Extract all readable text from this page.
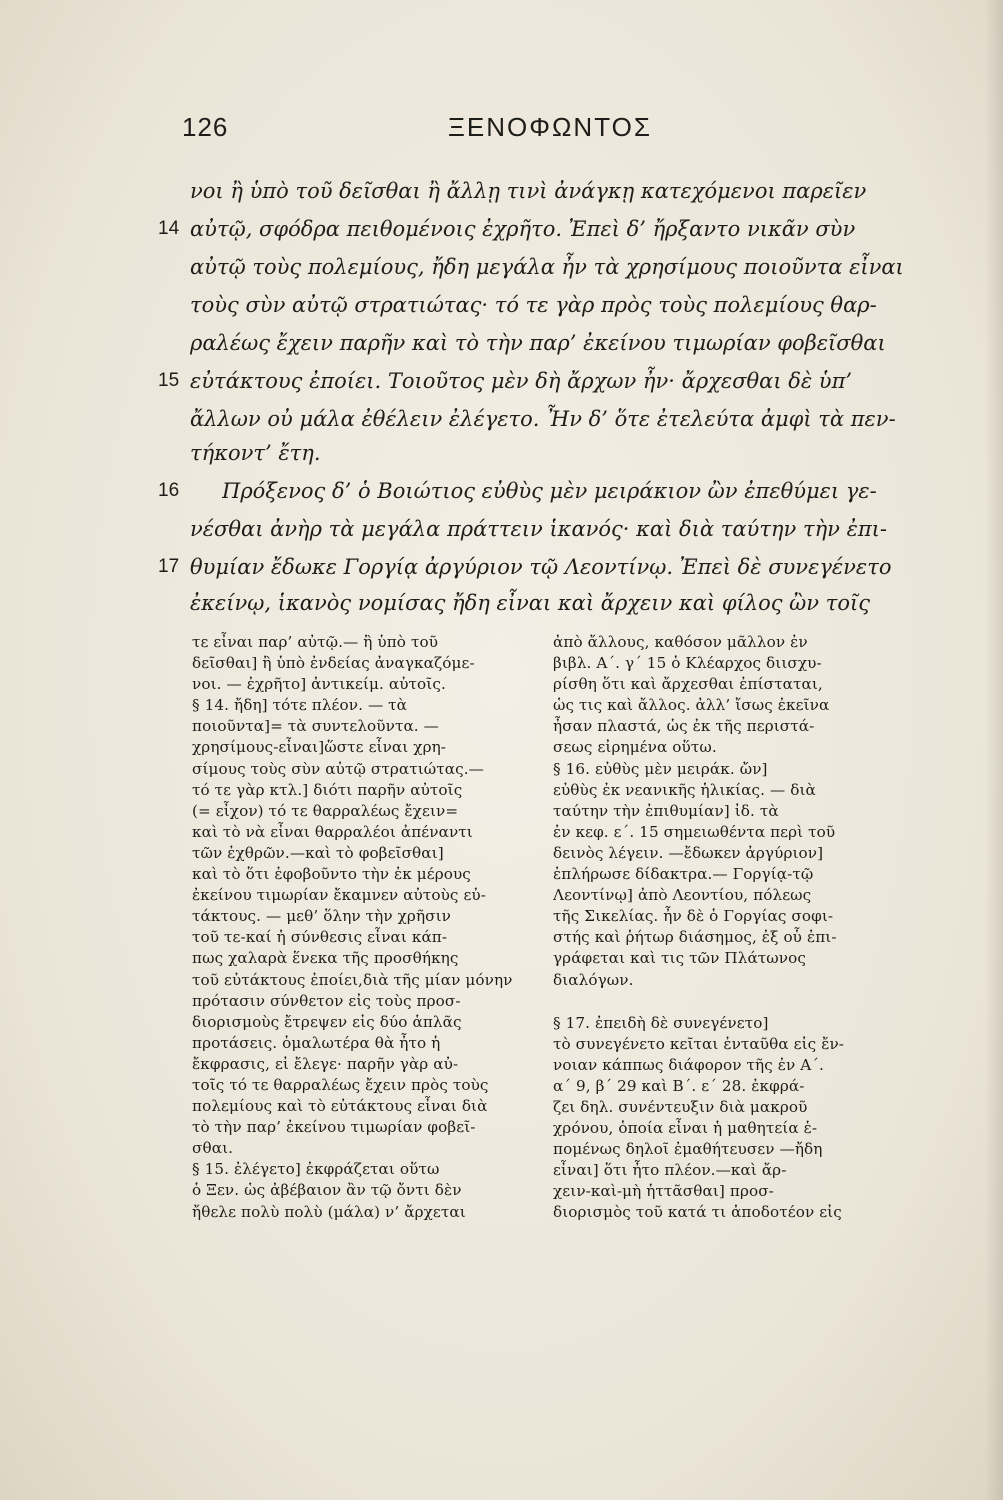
126	ΞΕΝΟΦΩΝΤΟΣ
νοι ἢ ὑπὸ τοῦ δεῖσθαι ἢ ἄλλῃ τινὶ ἀνάγκῃ κατεχόμενοι παρεῖεν
14 αὐτῷ, σφόδρα πειθομένοις ἐχρῆτο. Ἐπεὶ δ’ ἤρξαντο νικᾶν σὺν
αὐτῷ τοὺς πολεμίους, ἤδη μεγάλα ἦν τὰ χρησίμους ποιοῦντα εἶναι
τοὺς σὺν αὐτῷ στρατιώτας· τό τε γὰρ πρὸς τοὺς πολεμίους θαρ-
ραλέως ἔχειν παρῆν καὶ τὸ τὴν παρ’ ἐκείνου τιμωρίαν φοβεῖσθαι
15 εὐτάκτους ἐποίει. Τοιοῦτος μὲν δὴ ἄρχων ἦν· ἄρχεσθαι δὲ ὑπ’
ἄλλων οὐ μάλα ἐθέλειν ἐλέγετο. Ἦν δ’ ὅτε ἐτελεύτα ἀμφὶ τὰ πεν-
τήκοντ’ ἔτη.
16 Πρόξενος δ’ ὁ Βοιώτιος εὐθὺς μὲν μειράκιον ὢν ἐπεθύμει γε-
νέσθαι ἀνὴρ τὰ μεγάλα πράττειν ἱκανός· καὶ διὰ ταύτην τὴν ἐπι-
17 θυμίαν ἔδωκε Γοργίᾳ ἀργύριον τῷ Λεοντίνῳ. Ἐπεὶ δὲ συνεγένετο
ἐκείνῳ, ἱκανὸς νομίσας ἤδη εἶναι καὶ ἄρχειν καὶ φίλος ὢν τοῖς
τε εἶναι παρ’ αὐτῷ.— ἢ ὑπὸ τοῦ
δεῖσθαι] ἢ ὑπὸ ἐνδείας ἀναγκαζόμε-
νοι. — ἐχρῆτο] ἀντικείμ. αὐτοῖς.
§ 14. ἤδη] τότε πλέον. — τὰ
ποιοῦντα]= τὰ συντελοῦντα. —
χρησίμους-εἶναι]ὥστε εἶναι χρη-
σίμους τοὺς σὺν αὐτῷ στρατιώτας.—
τό τε γὰρ κτλ.] διότι παρῆν αὐτοῖς
(= εἶχον) τό τε θαρραλέως ἔχειν=
καὶ τὸ νὰ εἶναι θαρραλέοι ἀπέναντι
τῶν ἐχθρῶν.—καὶ τὸ φοβεῖσθαι]
καὶ τὸ ὅτι ἐφοβοῦντο τὴν ἐκ μέρους
ἐκείνου τιμωρίαν ἔκαμνεν αὐτοὺς εὐ-
τάκτους. — μεθ’ ὅλην τὴν χρῆσιν
τοῦ τε-καί ἡ σύνθεσις εἶναι κάπ-
πως χαλαρὰ ἕνεκα τῆς προσθήκης
τοῦ εὐτάκτους ἐποίει,διὰ τῆς μίαν μόνην
πρότασιν σύνθετον εἰς τοὺς προσ-
διορισμοὺς ἔτρεψεν εἰς δύο ἁπλᾶς
προτάσεις. ὁμαλωτέρα θὰ ἦτο ἡ
ἔκφρασις, εἰ ἔλεγε· παρῆν γὰρ αὐ-
τοῖς τό τε θαρραλέως ἔχειν πρὸς τοὺς
πολεμίους καὶ τὸ εὐτάκτους εἶναι διὰ
τὸ τὴν παρ’ ἐκείνου τιμωρίαν φοβεῖ-
σθαι.
§ 15. ἐλέγετο] ἐκφράζεται οὕτω
ὁ Ξεν. ὡς ἀβέβαιον ἂν τῷ ὄντι δὲν
ἤθελε πολὺ πολὺ (μάλα) ν’ ἄρχεται
ἀπὸ ἄλλους, καθόσον μᾶλλον ἐν
βιβλ. Α΄. γ΄ 15 ὁ Κλέαρχος διισχυ-
ρίσθη ὅτι καὶ ἄρχεσθαι ἐπίσταται,
ὡς τις καὶ ἄλλος. ἀλλ’ ἴσως ἐκεῖνα
ἦσαν πλαστά, ὡς ἐκ τῆς περιστά-
σεως εἰρημένα οὕτω.
§ 16. εὐθὺς μὲν μειράκ. ὤν]
εὐθὺς ἐκ νεανικῆς ἡλικίας. — διὰ
ταύτην τὴν ἐπιθυμίαν] ἰδ. τὰ
ἐν κεφ. ε΄. 15 σημειωθέντα περὶ τοῦ
δεινὸς λέγειν. —ἔδωκεν ἀργύριον]
ἐπλήρωσε δίδακτρα.— Γοργίᾳ-τῷ
Λεοντίνῳ] ἀπὸ Λεοντίου, πόλεως
τῆς Σικελίας. ἦν δὲ ὁ Γοργίας σοφι-
στής καὶ ῥήτωρ διάσημος, ἐξ οὗ ἐπι-
γράφεται καὶ τις τῶν Πλάτωνος
διαλόγων.
§ 17. ἐπειδὴ δὲ συνεγένετο]
τὸ συνεγένετο κεῖται ἐνταῦθα εἰς ἔν-
νοιαν κάππως διάφορον τῆς ἐν Α΄.
α΄ 9, β΄ 29 καὶ Β΄. ε΄ 28. ἐκφρά-
ζει δηλ. συνέντευξιν διὰ μακροῦ
χρόνου, ὁποία εἶναι ἡ μαθητεία ἑ-
πομένως δηλοῖ ἐμαθήτευσεν —ἤδη
εἶναι] ὅτι ἦτο πλέον.—καὶ ἄρ-
χειν-καὶ-μὴ ἡττᾶσθαι] προσ-
διορισμὸς τοῦ κατά τι ἀποδοτέον εἰς
